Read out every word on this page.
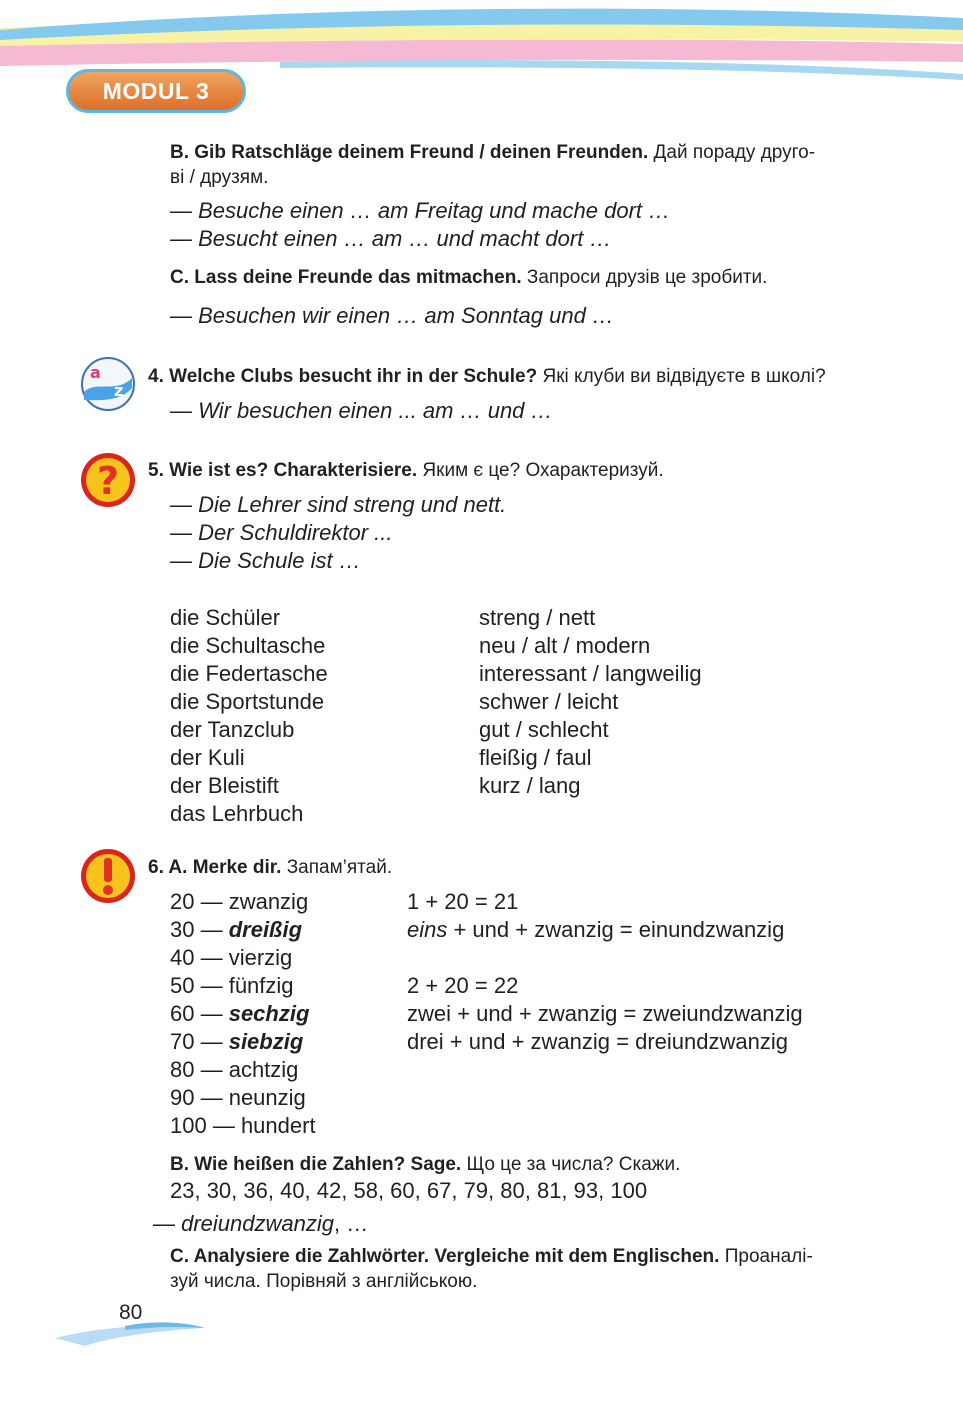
MODUL 3
B. Gib Ratschläge deinem Freund / deinen Freunden. Дай пораду друго-
ві / друзям.
— Besuche einen … am Freitag und mache dort …
— Besucht einen … am … und macht dort …
C. Lass deine Freunde das mitmachen. Запроси друзів це зробити.
— Besuchen wir einen … am Sonntag und …
a
z
4. Welche Clubs besucht ihr in der Schule? Які клуби ви відвідуєте в школі?
— Wir besuchen einen ... am … und …
? 5. Wie ist es? Charakterisiere. Яким є це? Охарактеризуй.
— Die Lehrer sind streng und nett.
— Der Schuldirektor ...
— Die Schule ist …
die Schüler
die Schultasche
die Federtasche
die Sportstunde
der Tanzclub
der Kuli
der Bleistift
das Lehrbuch
streng / nett
neu / alt / modern
interessant / langweilig
schwer / leicht
gut / schlecht
fleißig / faul
kurz / lang
6. A. Merke dir. Запам’ятай.
20 — zwanzig
30 — dreißig
40 — vierzig
50 — fünfzig
60 — sechzig
70 — siebzig
80 — achtzig
90 — neunzig
100 — hundert
1 + 20 = 21
eins + und + zwanzig = einundzwanzig
2 + 20 = 22
zwei + und + zwanzig = zweiundzwanzig
drei + und + zwanzig = dreiundzwanzig
B. Wie heißen die Zahlen? Sage. Що це за числа? Скажи.
23, 30, 36, 40, 42, 58, 60, 67, 79, 80, 81, 93, 100
— dreiundzwanzig, …
C. Analysiere die Zahlwörter. Vergleiche mit dem Englischen. Проаналі-
зуй числа. Порівняй з англійською.
80
